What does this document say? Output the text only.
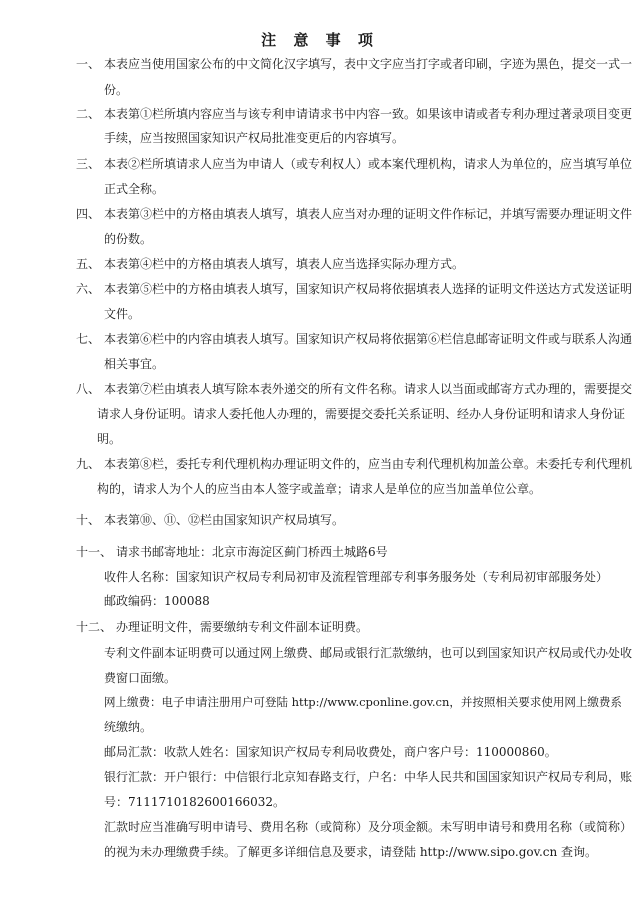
注 意 事 项
一、 本表应当使用国家公布的中文简化汉字填写，表中文字应当打字或者印刷，字迹为黑色，提交一式一
份。
二、 本表第①栏所填内容应当与该专利申请请求书中内容一致。如果该申请或者专利办理过著录项目变更
手续，应当按照国家知识产权局批准变更后的内容填写。
三、 本表②栏所填请求人应当为申请人（或专利权人）或本案代理机构，请求人为单位的，应当填写单位
正式全称。
四、 本表第③栏中的方格由填表人填写，填表人应当对办理的证明文件作标记，并填写需要办理证明文件
的份数。
五、 本表第④栏中的方格由填表人填写，填表人应当选择实际办理方式。
六、 本表第⑤栏中的方格由填表人填写，国家知识产权局将依据填表人选择的证明文件送达方式发送证明
文件。
七、 本表第⑥栏中的内容由填表人填写。国家知识产权局将依据第⑥栏信息邮寄证明文件或与联系人沟通
相关事宜。
八、 本表第⑦栏由填表人填写除本表外递交的所有文件名称。请求人以当面或邮寄方式办理的，需要提交
请求人身份证明。请求人委托他人办理的，需要提交委托关系证明、经办人身份证明和请求人身份证
明。
九、 本表第⑧栏，委托专利代理机构办理证明文件的，应当由专利代理机构加盖公章。未委托专利代理机
构的，请求人为个人的应当由本人签字或盖章；请求人是单位的应当加盖单位公章。
十、 本表第⑩、⑪、⑫栏由国家知识产权局填写。
十一、 请求书邮寄地址：北京市海淀区蓟门桥西土城路6号
收件人名称：国家知识产权局专利局初审及流程管理部专利事务服务处（专利局初审部服务处）
邮政编码：100088
十二、 办理证明文件，需要缴纳专利文件副本证明费。
专利文件副本证明费可以通过网上缴费、邮局或银行汇款缴纳，也可以到国家知识产权局或代办处收
费窗口面缴。
网上缴费：电子申请注册用户可登陆 http://www.cponline.gov.cn，并按照相关要求使用网上缴费系
统缴纳。
邮局汇款：收款人姓名：国家知识产权局专利局收费处，商户客户号：110000860。
银行汇款：开户银行：中信银行北京知春路支行，户名：中华人民共和国国家知识产权局专利局，账
号：7111710182600166032。
汇款时应当准确写明申请号、费用名称（或简称）及分项金额。未写明申请号和费用名称（或简称）
的视为未办理缴费手续。了解更多详细信息及要求，请登陆 http://www.sipo.gov.cn 查询。
